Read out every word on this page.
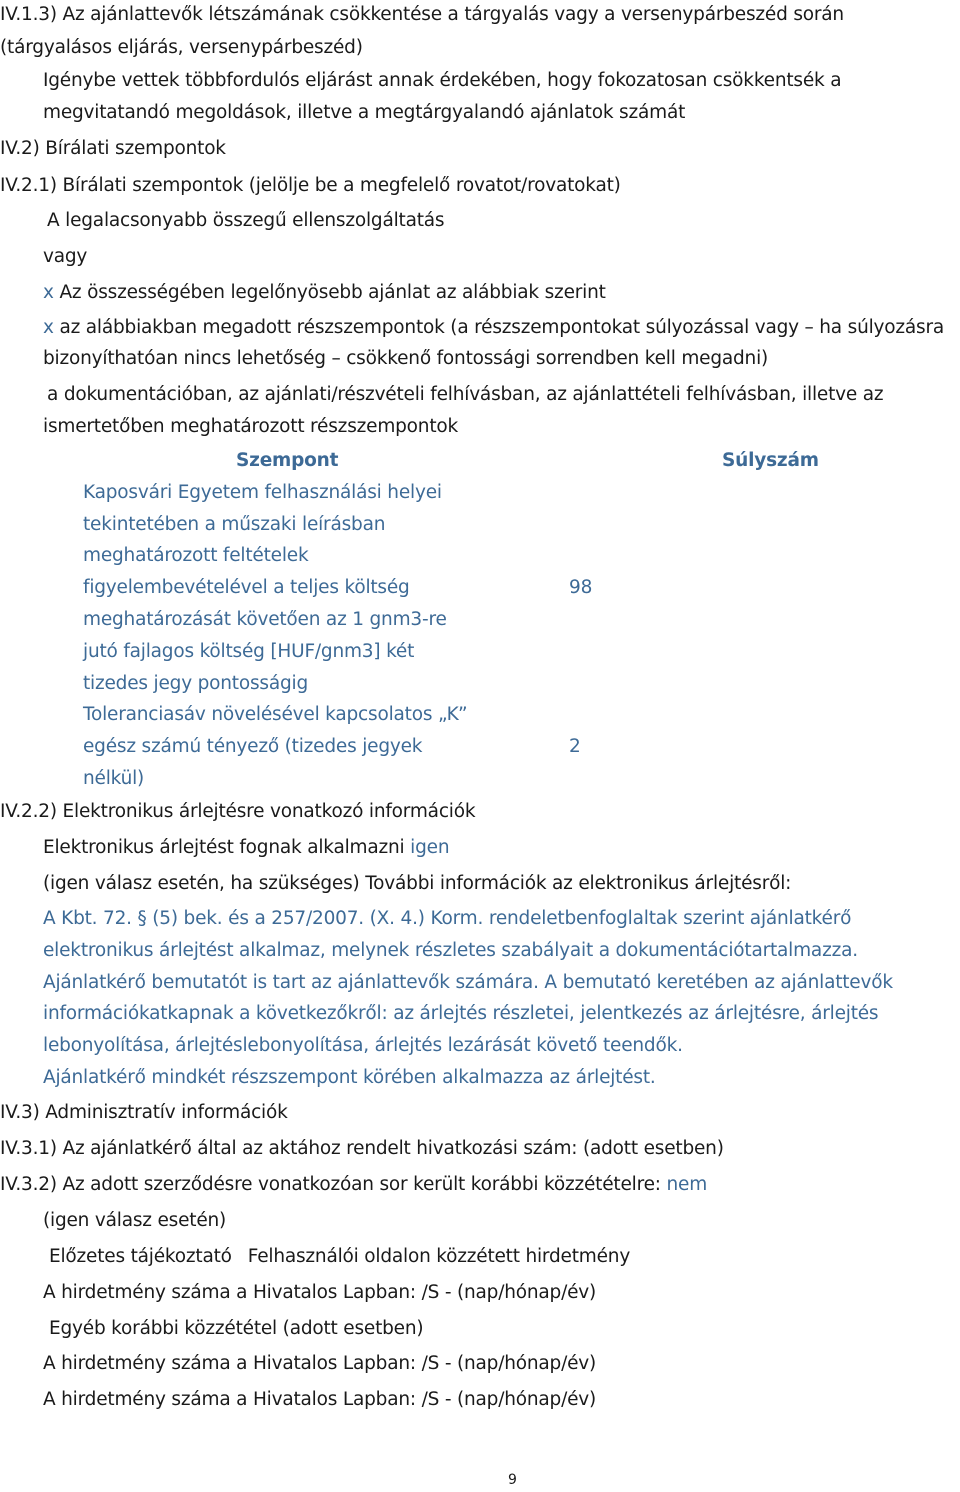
IV.1.3) Az ajánlattevők létszámának csökkentése a tárgyalás vagy a versenypárbeszéd során
(tárgyalásos eljárás, versenypárbeszéd)
Igénybe vettek többfordulós eljárást annak érdekében, hogy fokozatosan csökkentsék a
megvitatandó megoldások, illetve a megtárgyalandó ajánlatok számát
IV.2) Bírálati szempontok
IV.2.1) Bírálati szempontok (jelölje be a megfelelő rovatot/rovatokat)
A legalacsonyabb összegű ellenszolgáltatás
vagy
x Az összességében legelőnyösebb ajánlat az alábbiak szerint
x az alábbiakban megadott részszempontok (a részszempontokat súlyozással vagy – ha súlyozásra
bizonyíthatóan nincs lehetőség – csökkenő fontossági sorrendben kell megadni)
a dokumentációban, az ajánlati/részvételi felhívásban, az ajánlattételi felhívásban, illetve az
ismertetőben meghatározott részszempontok
Szempont	Súlyszám
Kaposvári Egyetem felhasználási helyei
tekintetében a műszaki leírásban
meghatározott feltételek
figyelembevételével a teljes költség	98
meghatározását követően az 1 gnm3-re
jutó fajlagos költség [HUF/gnm3] két
tizedes jegy pontosságig
Toleranciasáv növelésével kapcsolatos „K”
egész számú tényező (tizedes jegyek	2
nélkül)
IV.2.2) Elektronikus árlejtésre vonatkozó információk
Elektronikus árlejtést fognak alkalmazni igen
(igen válasz esetén, ha szükséges) További információk az elektronikus árlejtésről:
A Kbt. 72. § (5) bek. és a 257/2007. (X. 4.) Korm. rendeletbenfoglaltak szerint ajánlatkérő
elektronikus árlejtést alkalmaz, melynek részletes szabályait a dokumentációtartalmazza.
Ajánlatkérő bemutatót is tart az ajánlattevők számára. A bemutató keretében az ajánlattevők
információkatkapnak a következőkről: az árlejtés részletei, jelentkezés az árlejtésre, árlejtés
lebonyolítása, árlejtéslebonyolítása, árlejtés lezárását követő teendők.
Ajánlatkérő mindkét részszempont körében alkalmazza az árlejtést.
IV.3) Adminisztratív információk
IV.3.1) Az ajánlatkérő által az aktához rendelt hivatkozási szám: (adott esetben)
IV.3.2) Az adott szerződésre vonatkozóan sor került korábbi közzétételre: nem
(igen válasz esetén)
Előzetes tájékoztató Felhasználói oldalon közzétett hirdetmény
A hirdetmény száma a Hivatalos Lapban: /S - (nap/hónap/év)
Egyéb korábbi közzététel (adott esetben)
A hirdetmény száma a Hivatalos Lapban: /S - (nap/hónap/év)
A hirdetmény száma a Hivatalos Lapban: /S - (nap/hónap/év)
9
